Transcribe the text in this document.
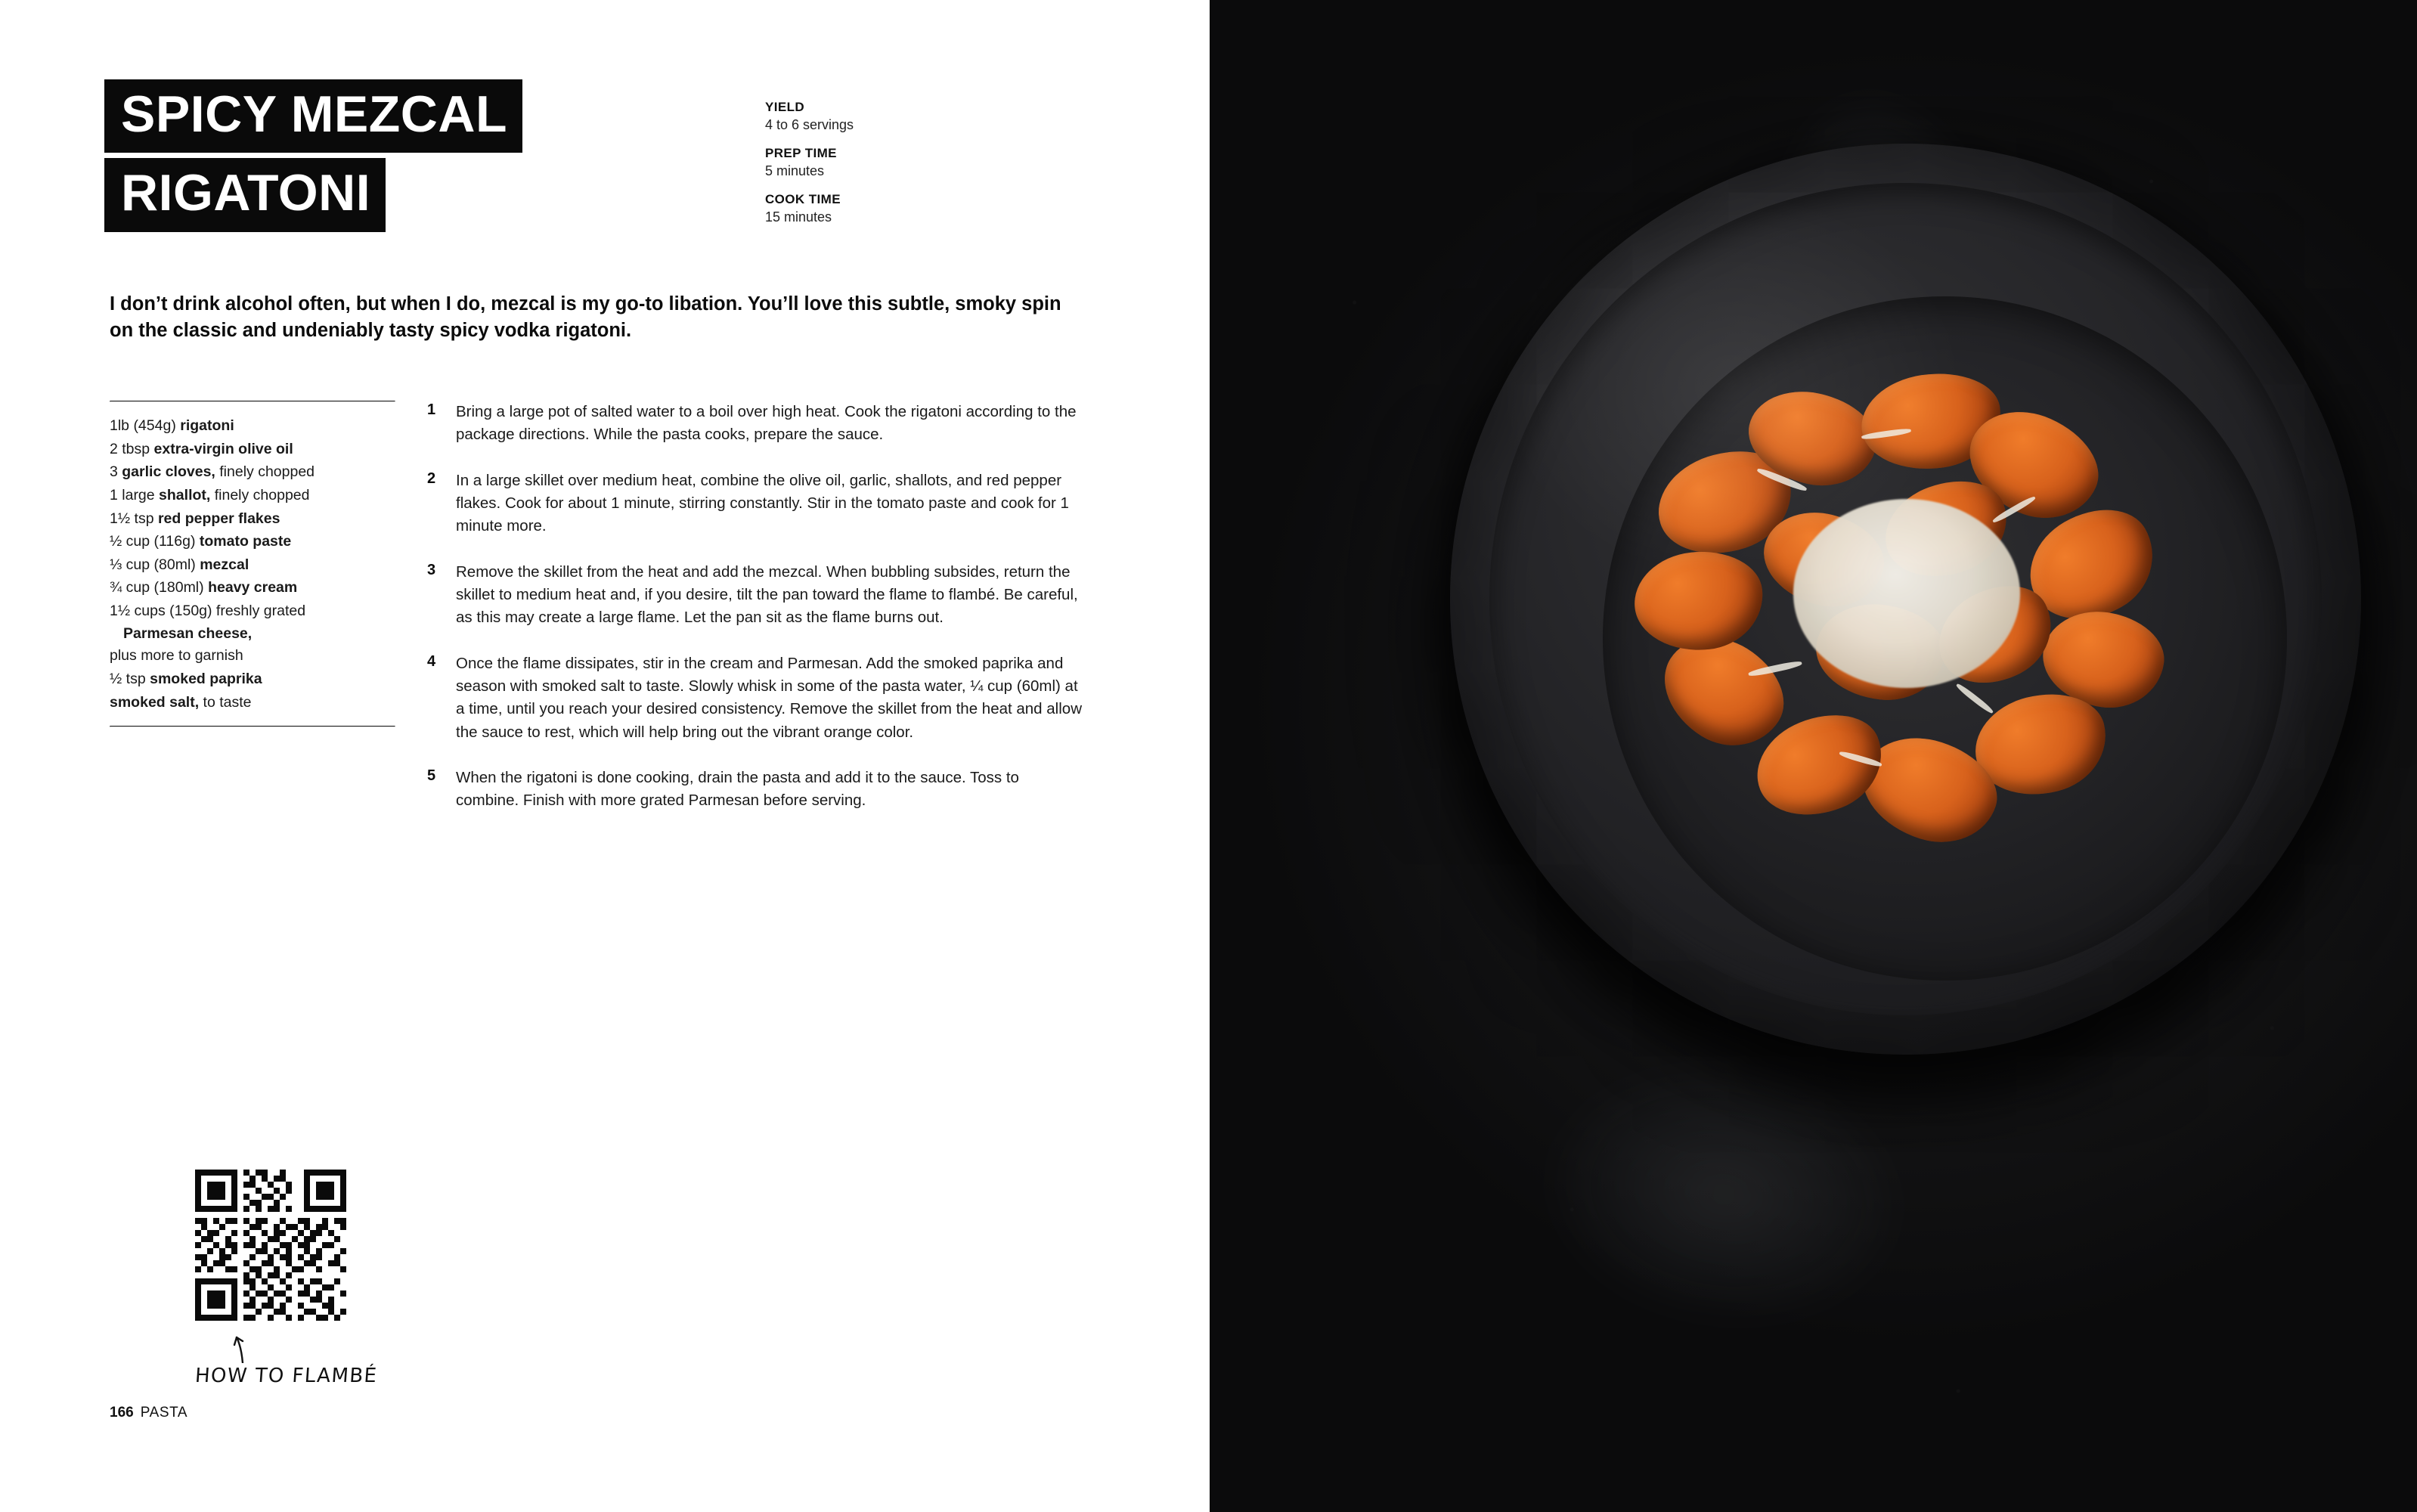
SPICY MEZCAL
RIGATONI
YIELD
4 to 6 servings
PREP TIME
5 minutes
COOK TIME
15 minutes
I don’t drink alcohol often, but when I do, mezcal is my go-to libation. You’ll love this subtle, smoky spin on the classic and undeniably tasty spicy vodka rigatoni.
1lb (454g) rigatoni
2 tbsp extra-virgin olive oil
3 garlic cloves, finely chopped
1 large shallot, finely chopped
1½ tsp red pepper flakes
½ cup (116g) tomato paste
⅓ cup (80ml) mezcal
¾ cup (180ml) heavy cream
1½ cups (150g) freshly grated
Parmesan cheese,
plus more to garnish
½ tsp smoked paprika
smoked salt, to taste
1	Bring a large pot of salted water to a boil over high heat. Cook the rigatoni according to the package directions. While the pasta cooks, prepare the sauce.
2	In a large skillet over medium heat, combine the olive oil, garlic, shallots, and red pepper flakes. Cook for about 1 minute, stirring constantly. Stir in the tomato paste and cook for 1 minute more.
3	Remove the skillet from the heat and add the mezcal. When bubbling subsides, return the skillet to medium heat and, if you desire, tilt the pan toward the flame to flambé. Be careful, as this may create a large flame. Let the pan sit as the flame burns out.
4	Once the flame dissipates, stir in the cream and Parmesan. Add the smoked paprika and season with smoked salt to taste. Slowly whisk in some of the pasta water, ¼ cup (60ml) at a time, until you reach your desired consistency. Remove the skillet from the heat and allow the sauce to rest, which will help bring out the vibrant orange color.
5	When the rigatoni is done cooking, drain the pasta and add it to the sauce. Toss to combine. Finish with more grated Parmesan before serving.
HOW TO FLAMBÉ
166 PASTA
